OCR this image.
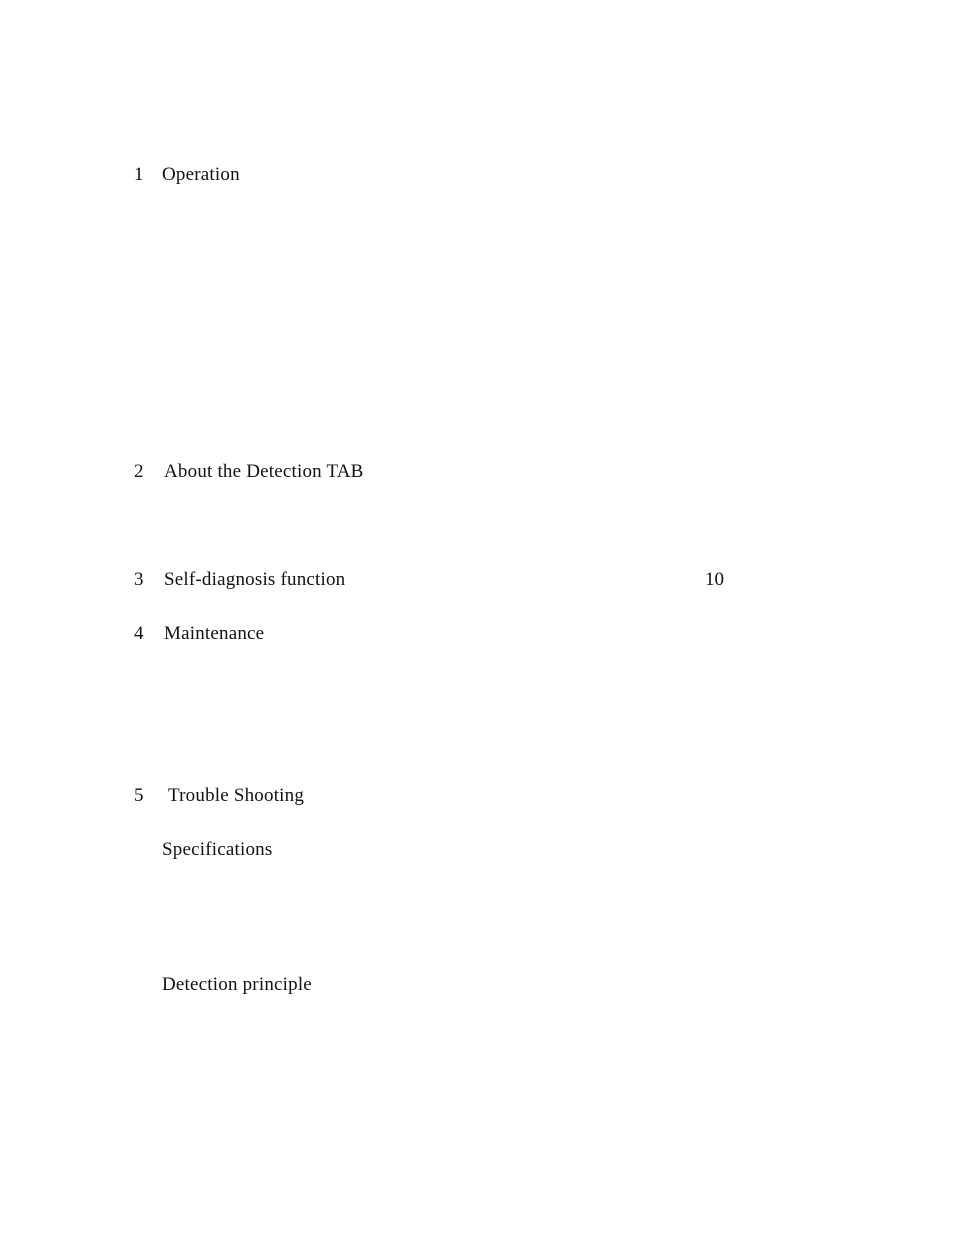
1 Operation
2 About the Detection TAB
3 Self-diagnosis function	10
4 Maintenance
5 Trouble Shooting
Specifications
Detection principle
